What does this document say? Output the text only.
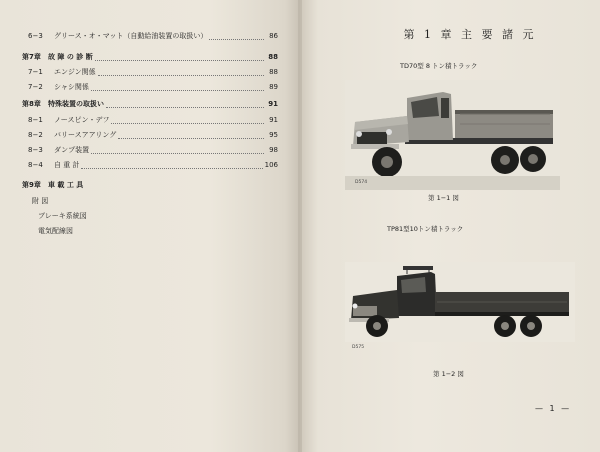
6−3	グリース・オ・マット（自動給油装置の取扱い）	86
第7章	故 障 の 診 断	88
7−1	エンジン関係	88
7−2	シャシ関係	89
第8章	特殊装置の取扱い	91
8−1	ノースピン・デフ	91
8−2	バリースアアリング	95
8−3	ダンプ装置	98
8−4	自 重 計	106
第9章	車 載 工 具
附 図
ブレーキ系統図
電気配線図
第 1 章 主 要 諸 元
TD70型 8 トン積トラック
D574
第 1−1 図
TP81型10トン積トラック
D575
第 1−2 図
— 1 —
